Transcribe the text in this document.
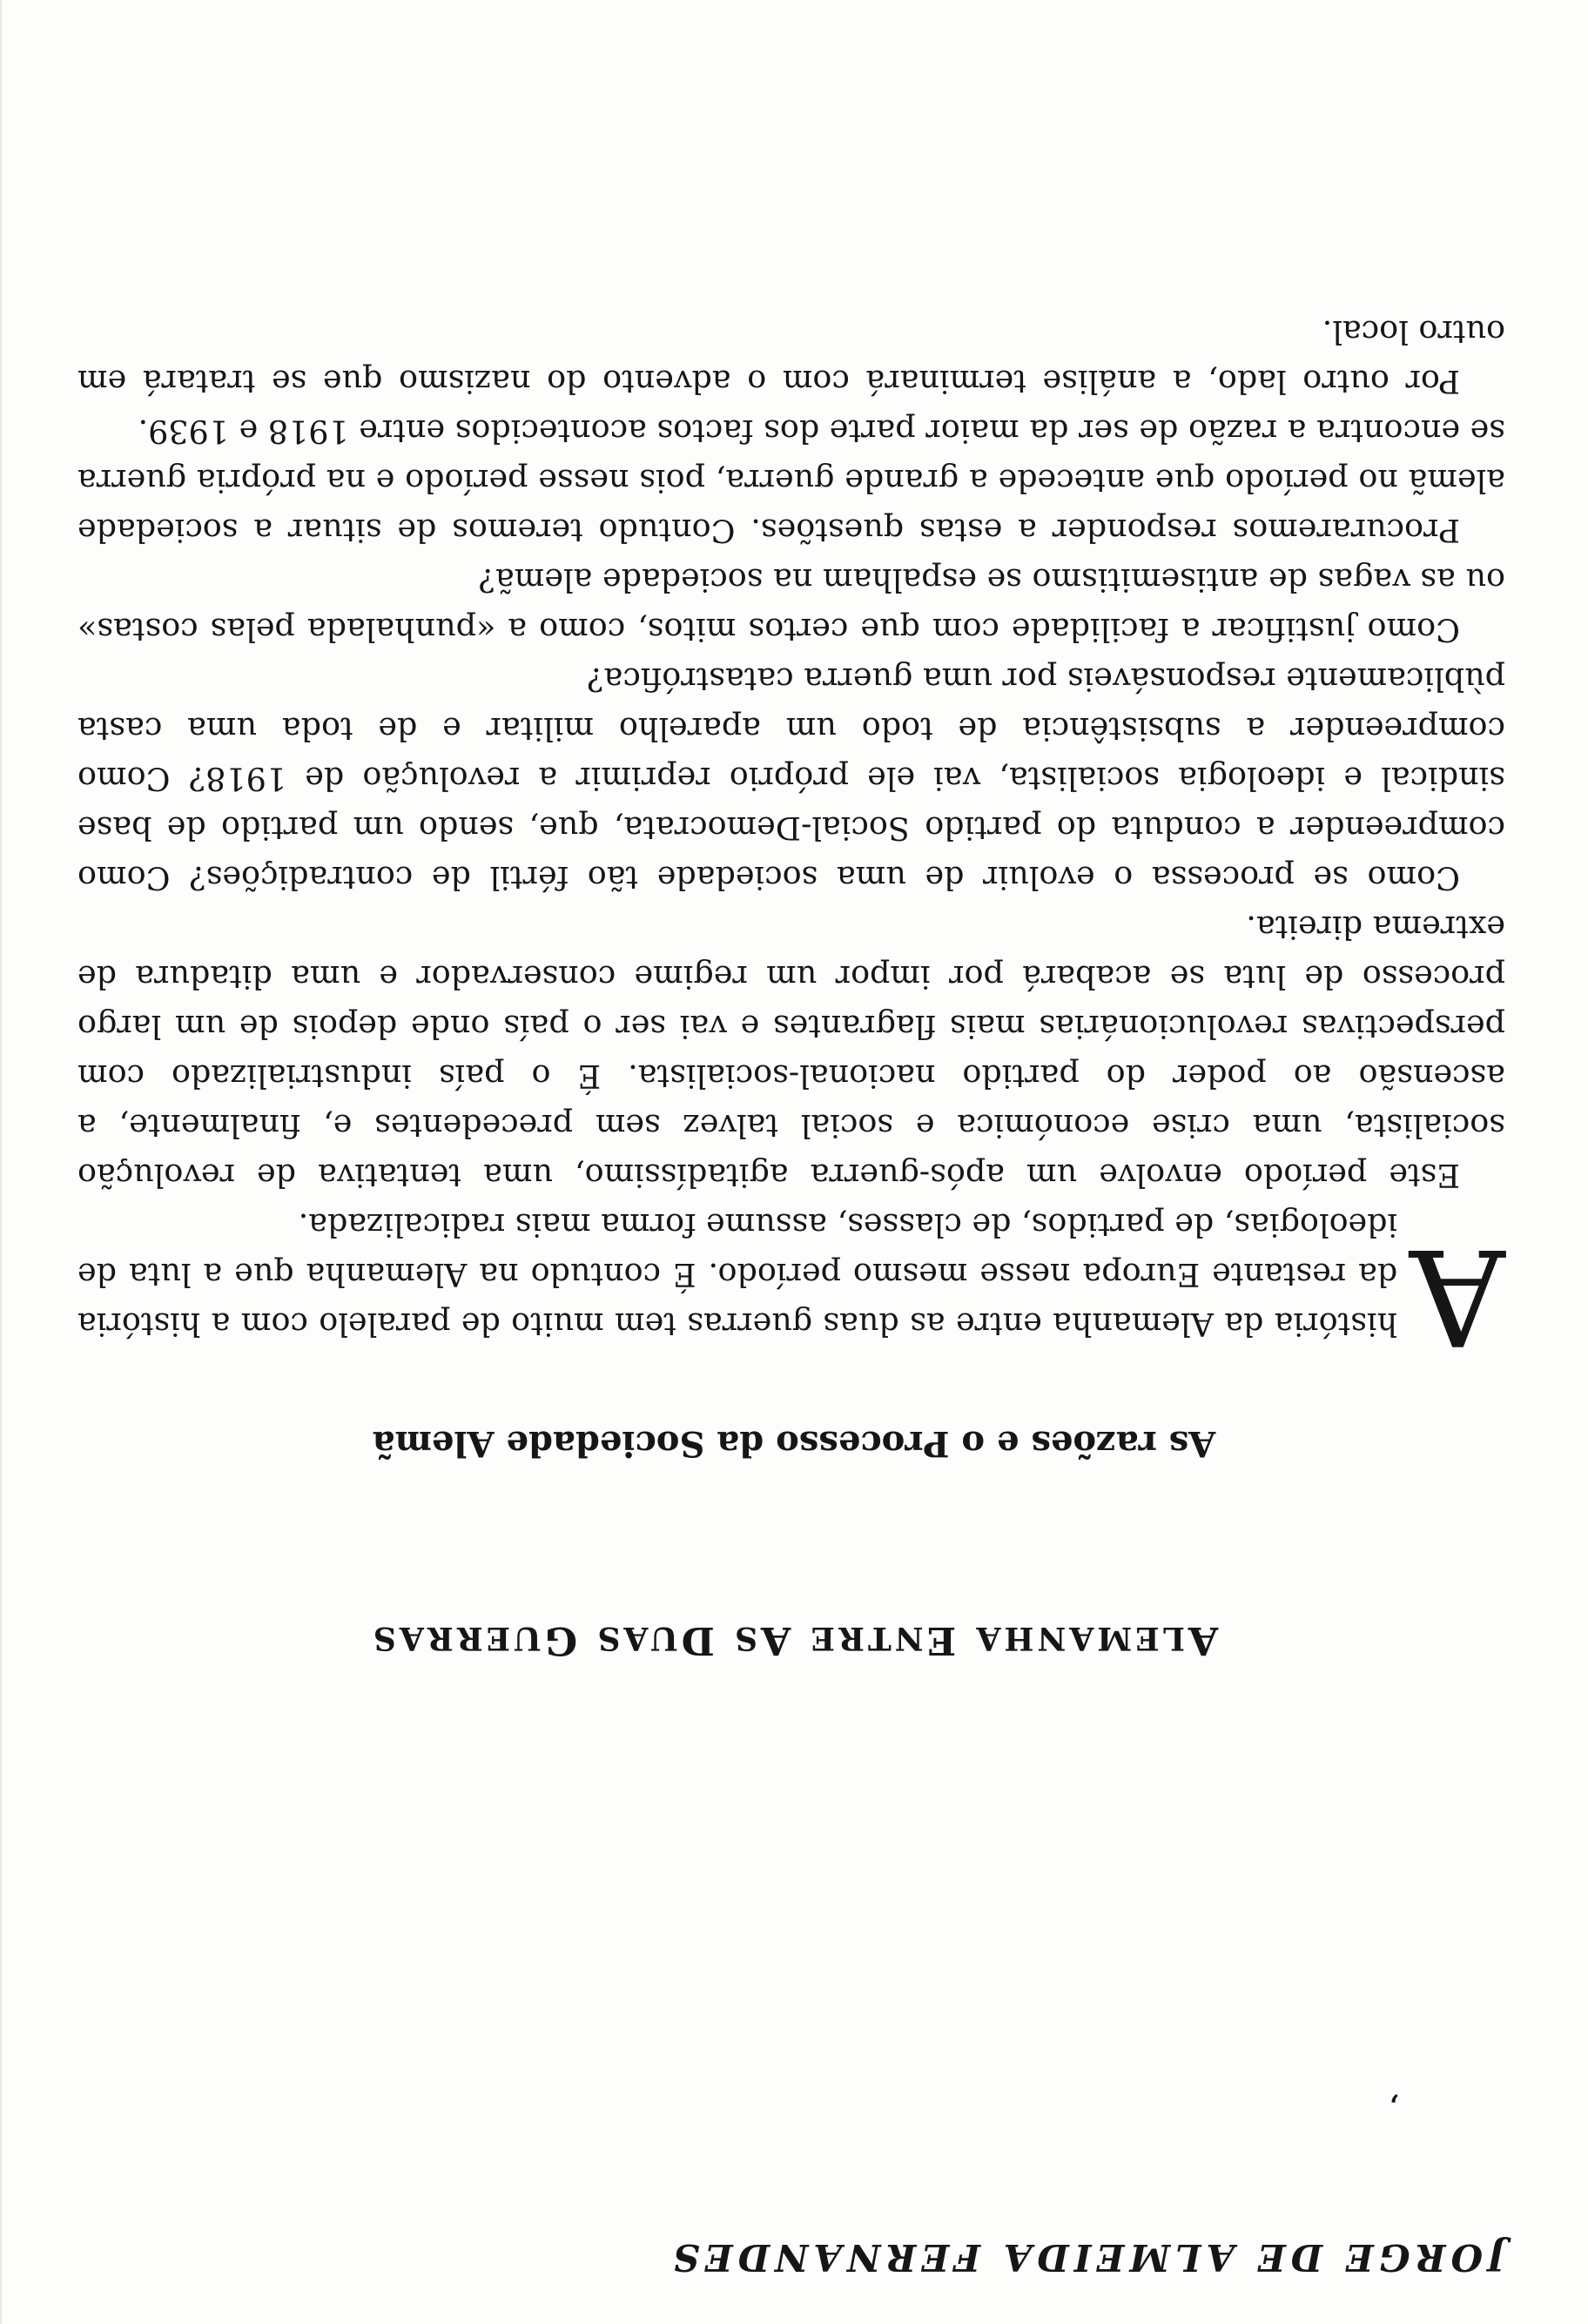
JORGE DE ALMEIDA FERNANDES
,
ALEMANHA ENTRE AS DUAS GUERRAS
As razões e o Processo da Sociedade Alemã

A
história da Alemanha entre as duas guerras tem muito de paralelo com a história da restante Europa nesse mesmo período. É contudo na Alemanha que a luta de ideologias, de partidos, de classes, assume forma mais radicalizada.

Este período envolve um após-guerra agitadíssimo, uma tentativa de revolução socialista, uma crise económica e social talvez sem precedentes e, finalmente, a ascensão ao poder do partido nacional-socialista. É o país industrializado com perspectivas revolucionárias mais flagrantes e vai ser o país onde depois de um largo processo de luta se acabará por impor um regime conservador e uma ditadura de extrema direita.

Como se processa o evoluir de uma sociedade tão fértil de contradições? Como compreender a conduta do partido Social-Democrata, que, sendo um partido de base sindical e ideologia socialista, vai ele próprio reprimir a revolução de 1918? Como compreender a subsistência de todo um aparelho militar e de toda uma casta pùblicamente responsáveis por uma guerra catastrófica?

Como justificar a facilidade com que certos mitos, como a «punhalada pelas costas» ou as vagas de antisemitismo se espalham na sociedade alemã?

Procuraremos responder a estas questões. Contudo teremos de situar a sociedade alemã no período que antecede a grande guerra, pois nesse período e na própria guerra se encontra a razão de ser da maior parte dos factos acontecidos entre 1918 e 1939.

Por outro lado, a análise terminará com o advento do nazismo que se tratará em outro local.
